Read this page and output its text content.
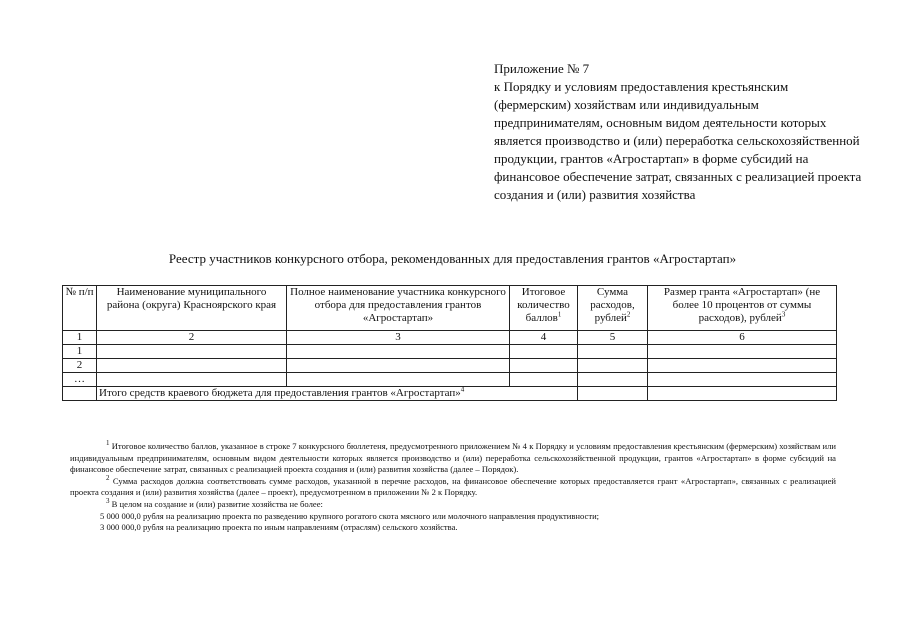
Приложение № 7
к Порядку и условиям предоставления крестьянским (фермерским) хозяйствам или индивидуальным предпринимателям, основным видом деятельности которых является производство и (или) переработка сельскохозяйственной продукции, грантов «Агростартап» в форме субсидий на финансовое обеспечение затрат, связанных с реализацией проекта создания и (или) развития хозяйства
Реестр участников конкурсного отбора, рекомендованных для предоставления грантов «Агростартап»
№ п/п	Наименование муниципального района (округа) Красноярского края	Полное наименование участника конкурсного отбора для предоставления грантов «Агростартап»	Итоговое количество баллов$^1$	Сумма расходов, рублей$^2$	Размер гранта «Агростартап» (не более 10 процентов от суммы расходов), рублей$^3$
1	2	3	4	5	6
1					
2					
…					
	Итого средств краевого бюджета для предоставления грантов «Агростартап»$^4$		

$^1$ Итоговое количество баллов, указанное в строке 7 конкурсного бюллетеня, предусмотренного приложением № 4 к Порядку и условиям предоставления крестьянским (фермерским) хозяйствам или индивидуальным предпринимателям, основным видом деятельности которых является производство и (или) переработка сельскохозяйственной продукции, грантов «Агростартап» в форме субсидий на финансовое обеспечение затрат, связанных с реализацией проекта создания и (или) развития хозяйства (далее – Порядок).

$^2$ Сумма расходов должна соответствовать сумме расходов, указанной в перечне расходов, на финансовое обеспечение которых предоставляется грант «Агростартап», связанных с реализацией проекта создания и (или) развития хозяйства (далее – проект), предусмотренном в приложении № 2 к Порядку.

$^3$ В целом на создание и (или) развитие хозяйства не более:

5 000 000,0 рубля на реализацию проекта по разведению крупного рогатого скота мясного или молочного направления продуктивности;

3 000 000,0 рубля на реализацию проекта по иным направлениям (отраслям) сельского хозяйства.
